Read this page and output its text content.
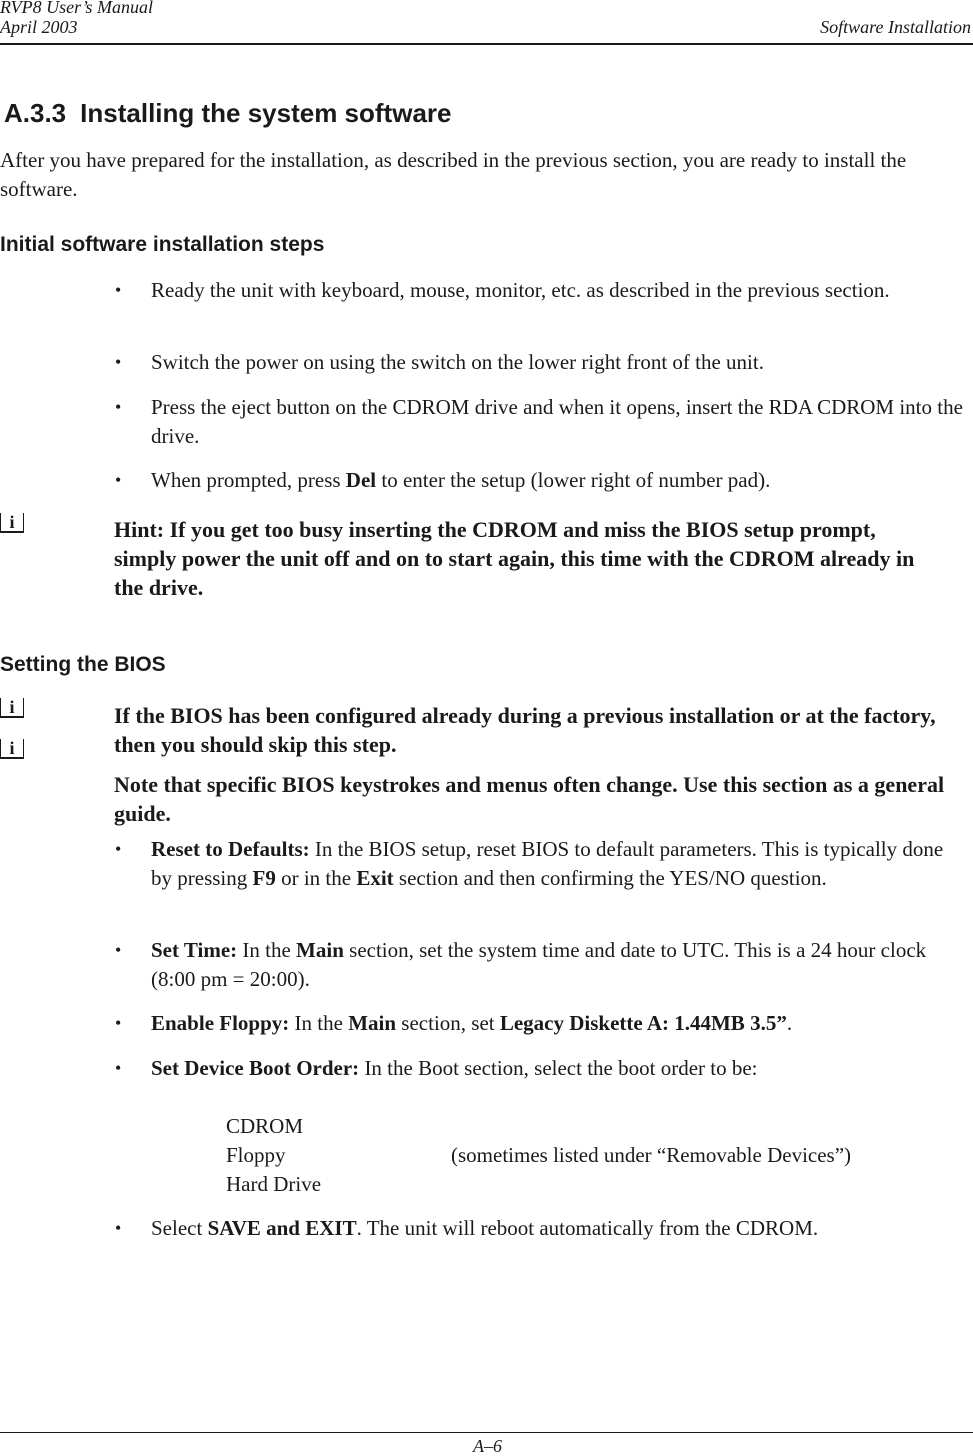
RVP8 User’s Manual
April 2003	Software Installation
A.3.3 Installing the system software
After you have prepared for the installation, as described in the previous section, you are ready to install the software.
Initial software installation steps
• Ready the unit with keyboard, mouse, monitor, etc. as described in the previous section.
• Switch the power on using the switch on the lower right front of the unit.
• Press the eject button on the CDROM drive and when it opens, insert the RDA CDROM into the drive.
• When prompted, press Del to enter the setup (lower right of number pad).
i	Hint: If you get too busy inserting the CDROM and miss the BIOS setup prompt, simply power the unit off and on to start again, this time with the CDROM already in the drive.
Setting the BIOS
i	If the BIOS has been configured already during a previous installation or at the factory, then you should skip this step.
i
Note that specific BIOS keystrokes and menus often change. Use this section as a general guide.
• Reset to Defaults: In the BIOS setup, reset BIOS to default parameters. This is typically done by pressing F9 or in the Exit section and then confirming the YES/NO question.
• Set Time: In the Main section, set the system time and date to UTC. This is a 24 hour clock (8:00 pm = 20:00).
• Enable Floppy: In the Main section, set Legacy Diskette A: 1.44MB 3.5”.
• Set Device Boot Order: In the Boot section, select the boot order to be:
CDROM
Floppy	(sometimes listed under “Removable Devices”)
Hard Drive
• Select SAVE and EXIT. The unit will reboot automatically from the CDROM.
A–6
